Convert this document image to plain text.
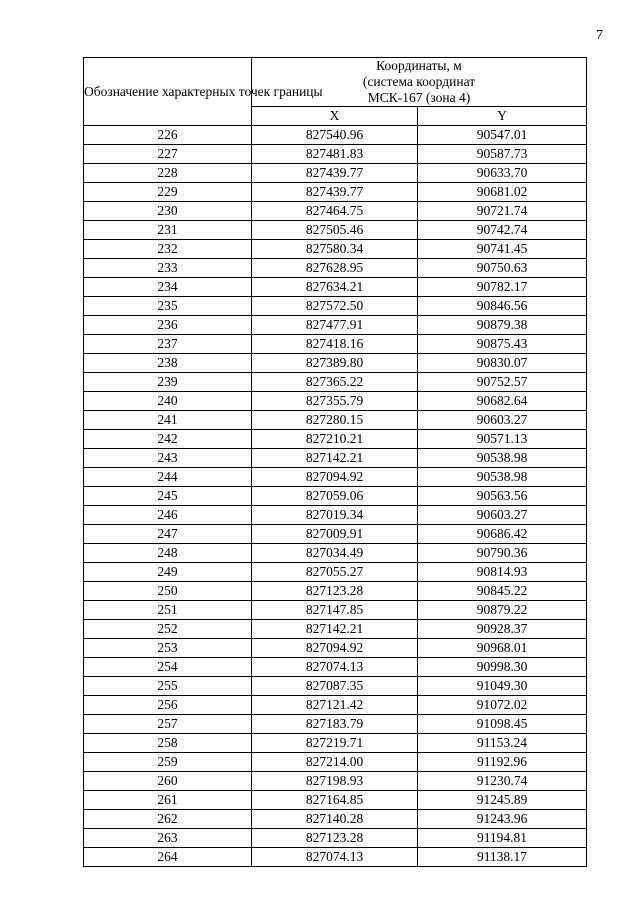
7
Обозначение характерных точек границы	Координаты, м
(система координат
МСК-167 (зона 4)	

	X	Y
226	827540.96	90547.01
227	827481.83	90587.73
228	827439.77	90633.70
229	827439.77	90681.02
230	827464.75	90721.74
231	827505.46	90742.74
232	827580.34	90741.45
233	827628.95	90750.63
234	827634.21	90782.17
235	827572.50	90846.56
236	827477.91	90879.38
237	827418.16	90875.43
238	827389.80	90830.07
239	827365.22	90752.57
240	827355.79	90682.64
241	827280.15	90603.27
242	827210.21	90571.13
243	827142.21	90538.98
244	827094.92	90538.98
245	827059.06	90563.56
246	827019.34	90603.27
247	827009.91	90686.42
248	827034.49	90790.36
249	827055.27	90814.93
250	827123.28	90845.22
251	827147.85	90879.22
252	827142.21	90928.37
253	827094.92	90968.01
254	827074.13	90998.30
255	827087.35	91049.30
256	827121.42	91072.02
257	827183.79	91098.45
258	827219.71	91153.24
259	827214.00	91192.96
260	827198.93	91230.74
261	827164.85	91245.89
262	827140.28	91243.96
263	827123.28	91194.81
264	827074.13	91138.17
